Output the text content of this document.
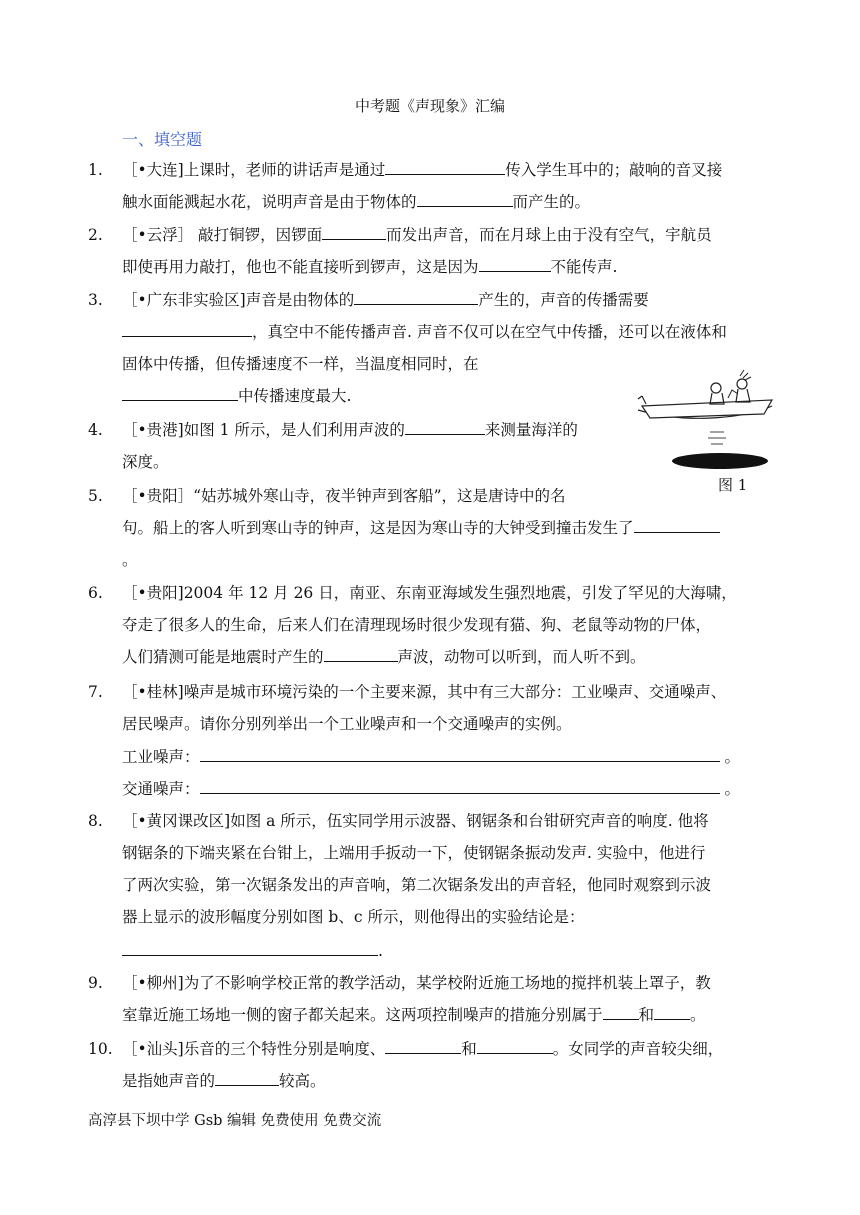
中考题《声现象》汇编
一、填空题
1.	［•大连]上课时，老师的讲话声是通过	传入学生耳中的；敲响的音叉接
触水面能溅起水花，说明声音是由于物体的	而产生的。
2.	［•云浮］ 敲打铜锣，因锣面	而发出声音，而在月球上由于没有空气，宇航员
即使再用力敲打，他也不能直接听到锣声，这是因为	不能传声.
3.	［•广东非实验区]声音是由物体的	产生的，声音的传播需要
，真空中不能传播声音. 声音不仅可以在空气中传播，还可以在液体和
固体中传播，但传播速度不一样，当温度相同时，在
中传播速度最大.
4.	［•贵港]如图 1 所示，是人们利用声波的	来测量海洋的
深度。
图 1
5.	［•贵阳］“姑苏城外寒山寺，夜半钟声到客船”，这是唐诗中的名
句。船上的客人听到寒山寺的钟声，这是因为寒山寺的大钟受到撞击发生了
。
6.	［•贵阳]2004 年 12 月 26 日，南亚、东南亚海域发生强烈地震，引发了罕见的大海啸，
夺走了很多人的生命，后来人们在清理现场时很少发现有猫、狗、老鼠等动物的尸体，
人们猜测可能是地震时产生的	声波，动物可以听到，而人听不到。
7.	［•桂林]噪声是城市环境污染的一个主要来源，其中有三大部分：工业噪声、交通噪声、
居民噪声。请你分别列举出一个工业噪声和一个交通噪声的实例。
工业噪声：	。
交通噪声：	。
8.	［•黄冈课改区]如图 a 所示，伍实同学用示波器、钢锯条和台钳研究声音的响度. 他将
钢锯条的下端夹紧在台钳上，上端用手扳动一下，使钢锯条振动发声. 实验中，他进行
了两次实验，第一次锯条发出的声音响，第二次锯条发出的声音轻，他同时观察到示波
器上显示的波形幅度分别如图 b、c 所示，则他得出的实验结论是：
.
9.	［•柳州]为了不影响学校正常的教学活动，某学校附近施工场地的搅拌机装上罩子，教
室靠近施工场地一侧的窗子都关起来。这两项控制噪声的措施分别属于 和 。
10. ［•汕头]乐音的三个特性分别是响度、	和	。女同学的声音较尖细，
是指她声音的	较高。
高淳县下坝中学 Gsb 编辑 免费使用 免费交流
